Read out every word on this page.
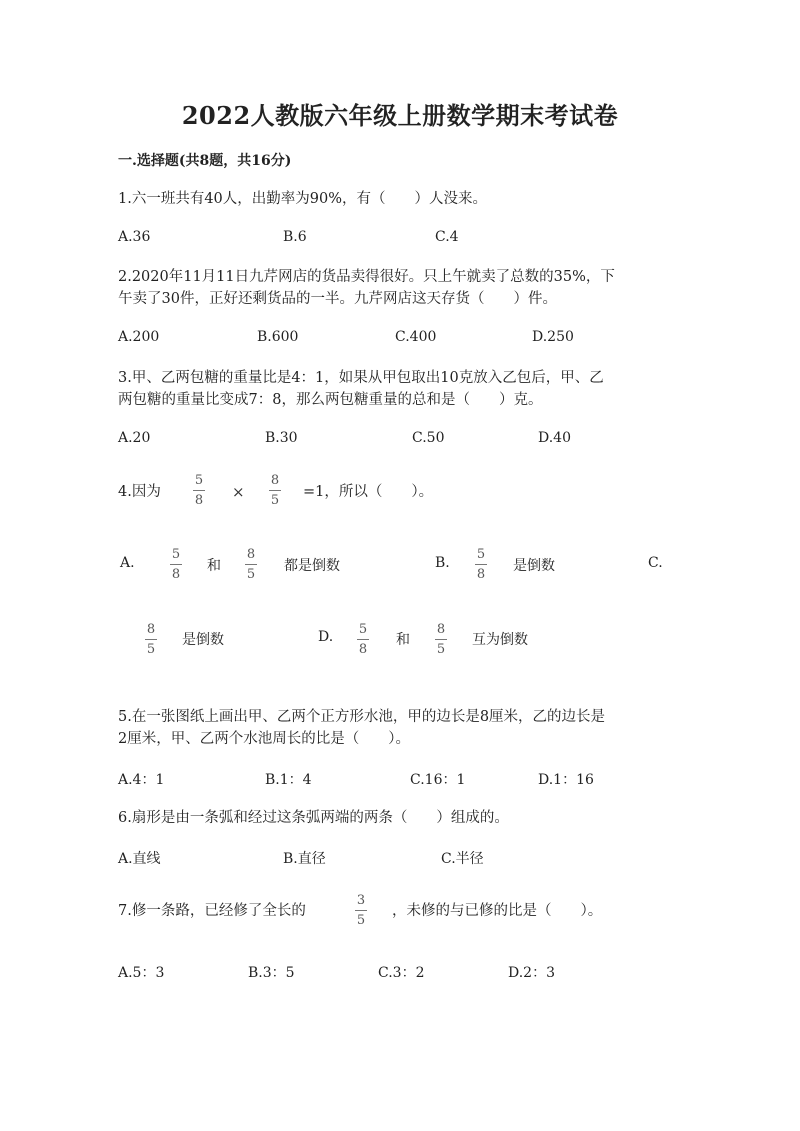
2022人教版六年级上册数学期末考试卷
一.选择题(共8题，共16分)
1.六一班共有40人，出勤率为90%，有（　　）人没来。
A.36	B.6	C.4
2.2020年11月11日九芹网店的货品卖得很好。只上午就卖了总数的35%，下
午卖了30件，正好还剩货品的一半。九芹网店这天存货（　　）件。
A.200	B.600	C.400	D.250
3.甲、乙两包糖的重量比是4：1，如果从甲包取出10克放入乙包后，甲、乙
两包糖的重量比变成7：8，那么两包糖重量的总和是（　　）克。
A.20	B.30	C.50	D.40
4.因为
5
8 ×
8
5
=1，所以（　　）。
A.
5
8
和
8
5
都是倒数	B.
5
8
是倒数	C.
8
5
是倒数	D. 5
8
和
8
5
互为倒数
5.在一张图纸上画出甲、乙两个正方形水池，甲的边长是8厘米，乙的边长是
2厘米，甲、乙两个水池周长的比是（　　）。
A.4：1	B.1：4	C.16：1	D.1：16
6.扇形是由一条弧和经过这条弧两端的两条（　　）组成的。
A.直线	B.直径	C.半径
7.修一条路，已经修了全长的
3
5
，未修的与已修的比是（　　）。
A.5：3	B.3：5	C.3：2	D.2：3
